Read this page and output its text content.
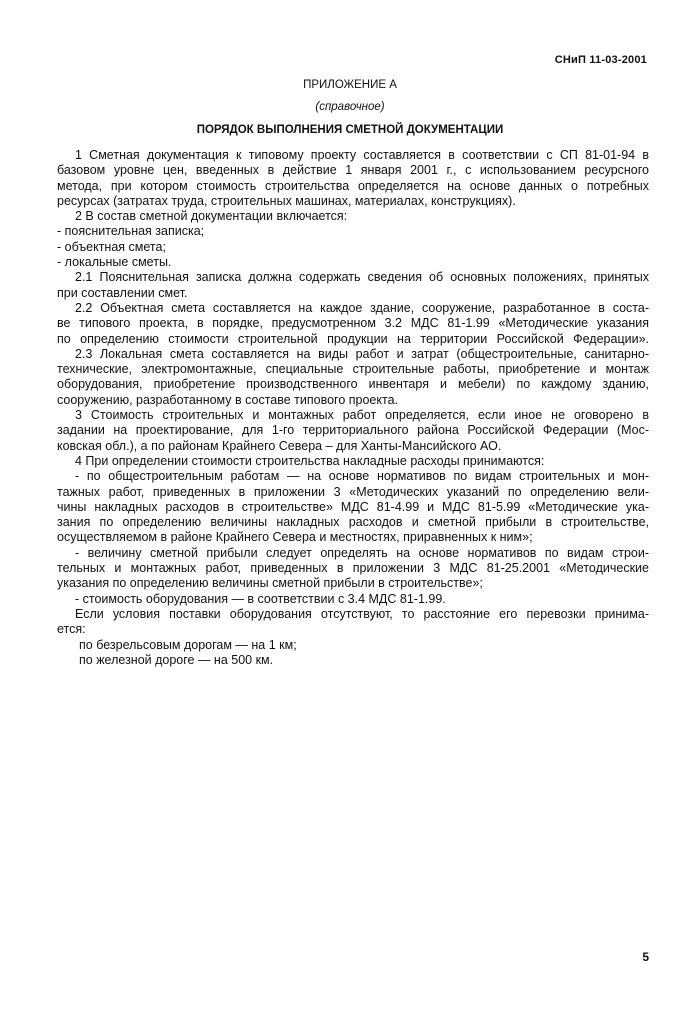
СНиП 11-03-2001
ПРИЛОЖЕНИЕ А
(справочное)
ПОРЯДОК ВЫПОЛНЕНИЯ СМЕТНОЙ ДОКУМЕНТАЦИИ
1 Сметная документация к типовому проекту составляется в соответствии с СП 81-01-94 в
базовом уровне цен, введенных в действие 1 января 2001 г., с использованием ресурсного
метода, при котором стоимость строительства определяется на основе данных о потребных
ресурсах (затратах труда, строительных машинах, материалах, конструкциях).
2 В состав сметной документации включается:
- пояснительная записка;
- объектная смета;
- локальные сметы.
2.1 Пояснительная записка должна содержать сведения об основных положениях, принятых
при составлении смет.
2.2 Объектная смета составляется на каждое здание, сооружение, разработанное в соста-
ве типового проекта, в порядке, предусмотренном 3.2 МДС 81-1.99 «Методические указания
по определению стоимости строительной продукции на территории Российской Федерации».
2.3 Локальная смета составляется на виды работ и затрат (общестроительные, санитарно-
технические, электромонтажные, специальные строительные работы, приобретение и монтаж
оборудования, приобретение производственного инвентаря и мебели) по каждому зданию,
сооружению, разработанному в составе типового проекта.
3 Стоимость строительных и монтажных работ определяется, если иное не оговорено в
задании на проектирование, для 1-го территориального района Российской Федерации (Мос-
ковская обл.), а по районам Крайнего Севера – для Ханты-Мансийского АО.
4 При определении стоимости строительства накладные расходы принимаются:
- по общестроительным работам — на основе нормативов по видам строительных и мон-
тажных работ, приведенных в приложении 3 «Методических указаний по определению вели-
чины накладных расходов в строительстве» МДС 81-4.99 и МДС 81-5.99 «Методические ука-
зания по определению величины накладных расходов и сметной прибыли в строительстве,
осуществляемом в районе Крайнего Севера и местностях, приравненных к ним»;
- величину сметной прибыли следует определять на основе нормативов по видам строи-
тельных и монтажных работ, приведенных в приложении 3 МДС 81-25.2001 «Методические
указания по определению величины сметной прибыли в строительстве»;
- стоимость оборудования — в соответствии с 3.4 МДС 81-1.99.
Если условия поставки оборудования отсутствуют, то расстояние его перевозки принима-
ется:
по безрельсовым дорогам — на 1 км;
по железной дороге — на 500 км.
5
